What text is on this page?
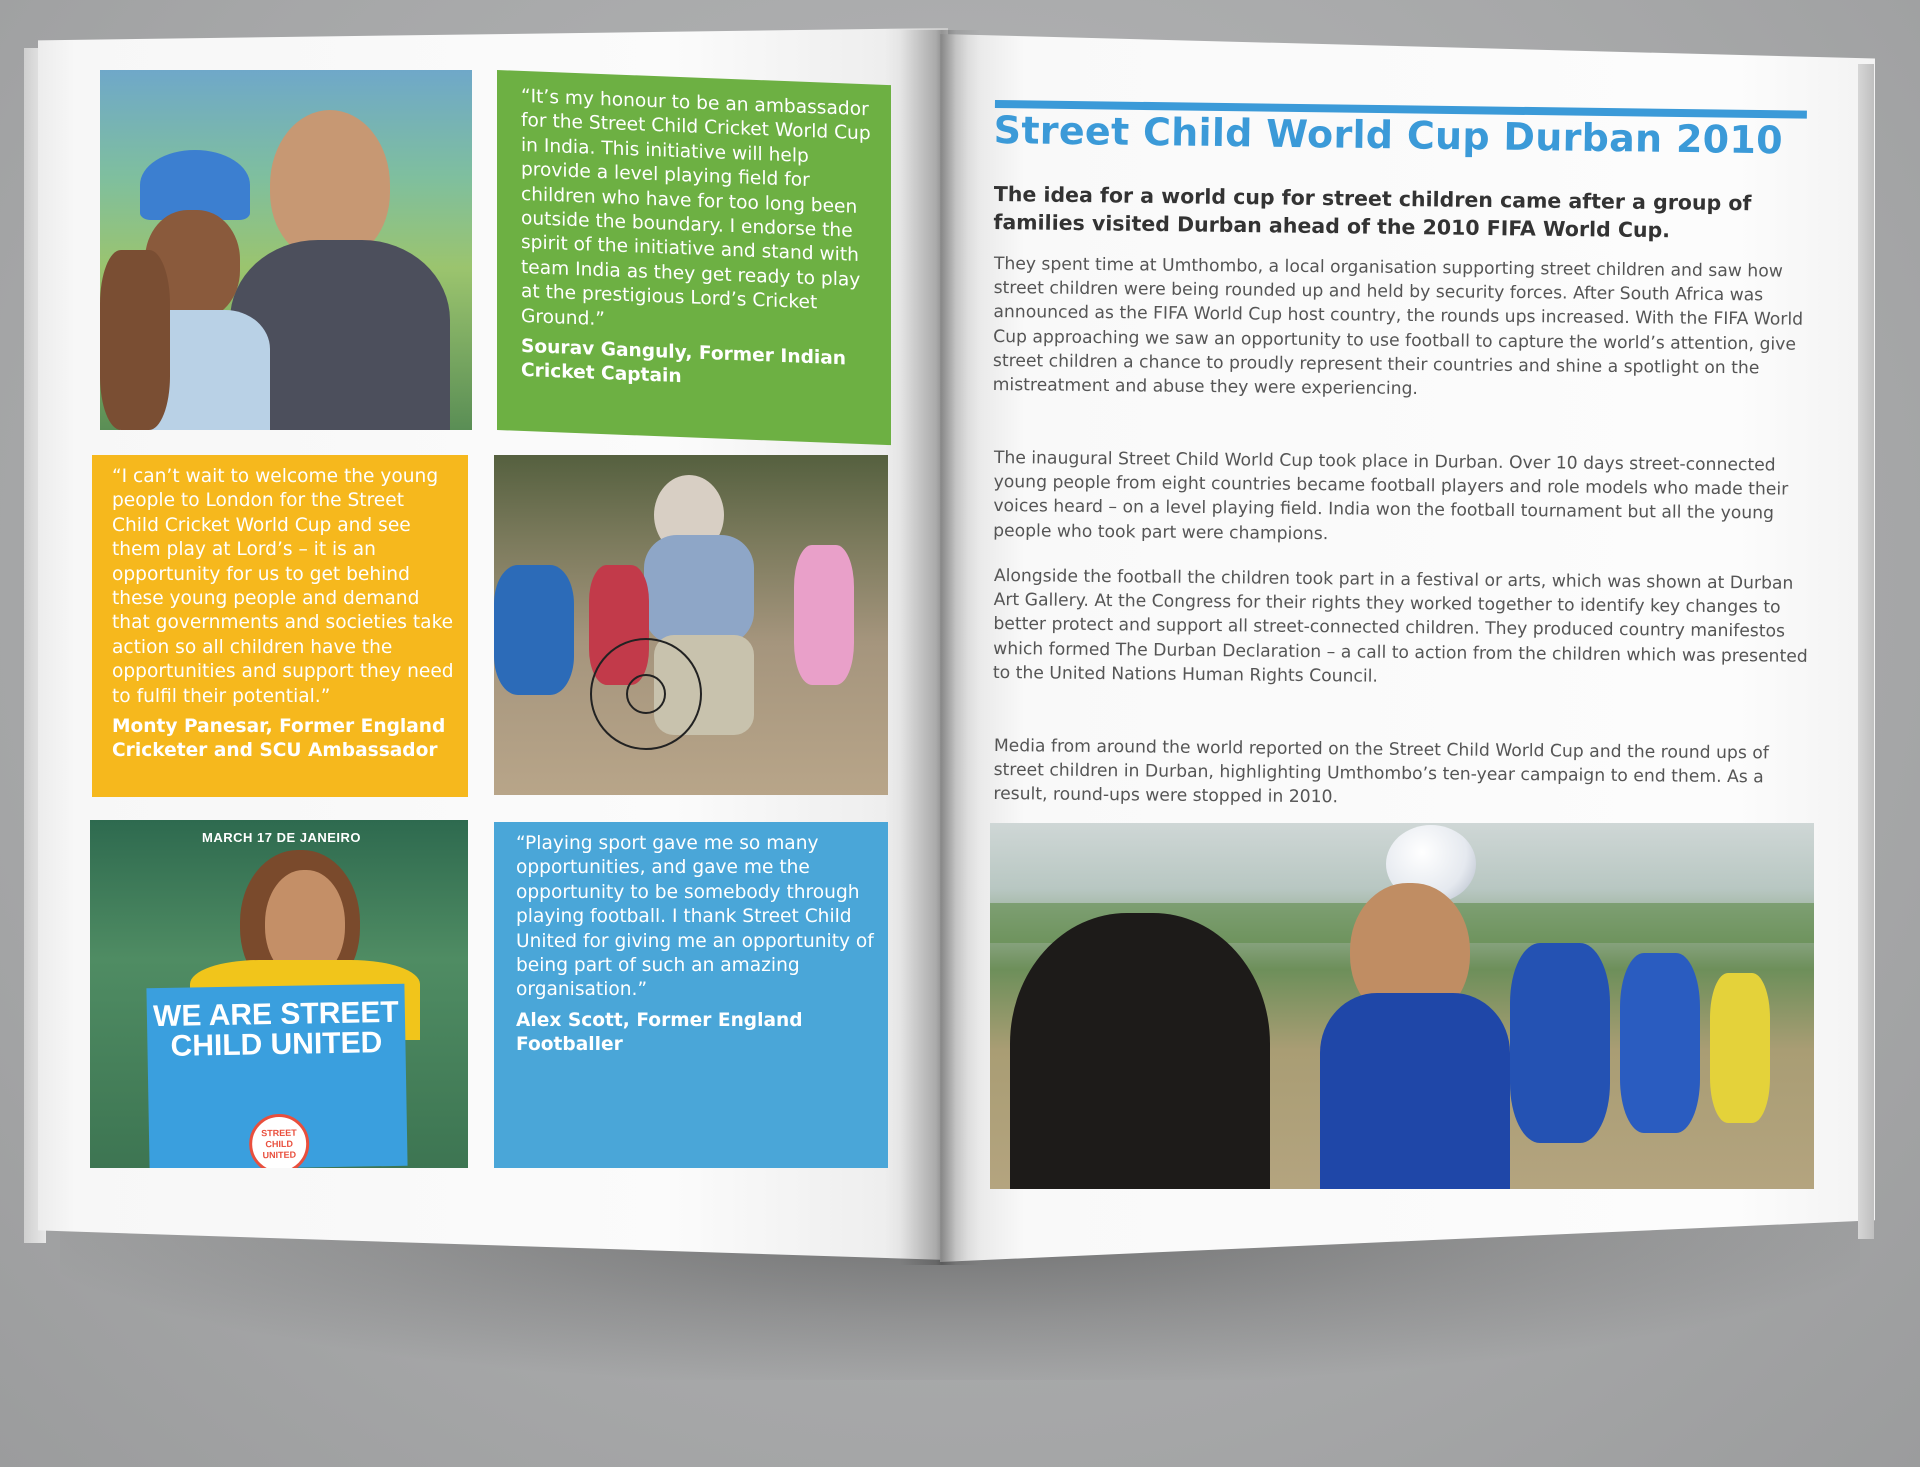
“It’s my honour to be an ambassador for the Street Child Cricket World Cup in India. This initiative will help provide a level playing field for children who have for too long been outside the boundary. I endorse the spirit of the initiative and stand with team India as they get ready to play at the prestigious Lord’s Cricket Ground.”
Sourav Ganguly, Former Indian Cricket Captain
“I can’t wait to welcome the young people to London for the Street Child Cricket World Cup and see them play at Lord’s – it is an opportunity for us to get behind these young people and demand that governments and societies take action so all children have the opportunities and support they need to fulfil their potential.”
Monty Panesar, Former England Cricketer and SCU Ambassador
MARCH 17 DE JANEIRO
WE ARE STREET CHILD UNITED
STREET CHILD UNITED
“Playing sport gave me so many opportunities, and gave me the opportunity to be somebody through playing football. I thank Street Child United for giving me an opportunity of being part of such an amazing organisation.”
Alex Scott, Former England Footballer
Street Child World Cup Durban 2010
The idea for a world cup for street children came after a group of families visited Durban ahead of the 2010 FIFA World Cup.
They spent time at Umthombo, a local organisation supporting street children and saw how street children were being rounded up and held by security forces. After South Africa was announced as the FIFA World Cup host country, the rounds ups increased. With the FIFA World Cup approaching we saw an opportunity to use football to capture the world’s attention, give street children a chance to proudly represent their countries and shine a spotlight on the mistreatment and abuse they were experiencing.
The inaugural Street Child World Cup took place in Durban. Over 10 days street-connected young people from eight countries became football players and role models who made their voices heard – on a level playing field. India won the football tournament but all the young people who took part were champions.
Alongside the football the children took part in a festival or arts, which was shown at Durban Art Gallery. At the Congress for their rights they worked together to identify key changes to better protect and support all street-connected children. They produced country manifestos which formed The Durban Declaration – a call to action from the children which was presented to the United Nations Human Rights Council.
Media from around the world reported on the Street Child World Cup and the round ups of street children in Durban, highlighting Umthombo’s ten-year campaign to end them. As a result, round-ups were stopped in 2010.
